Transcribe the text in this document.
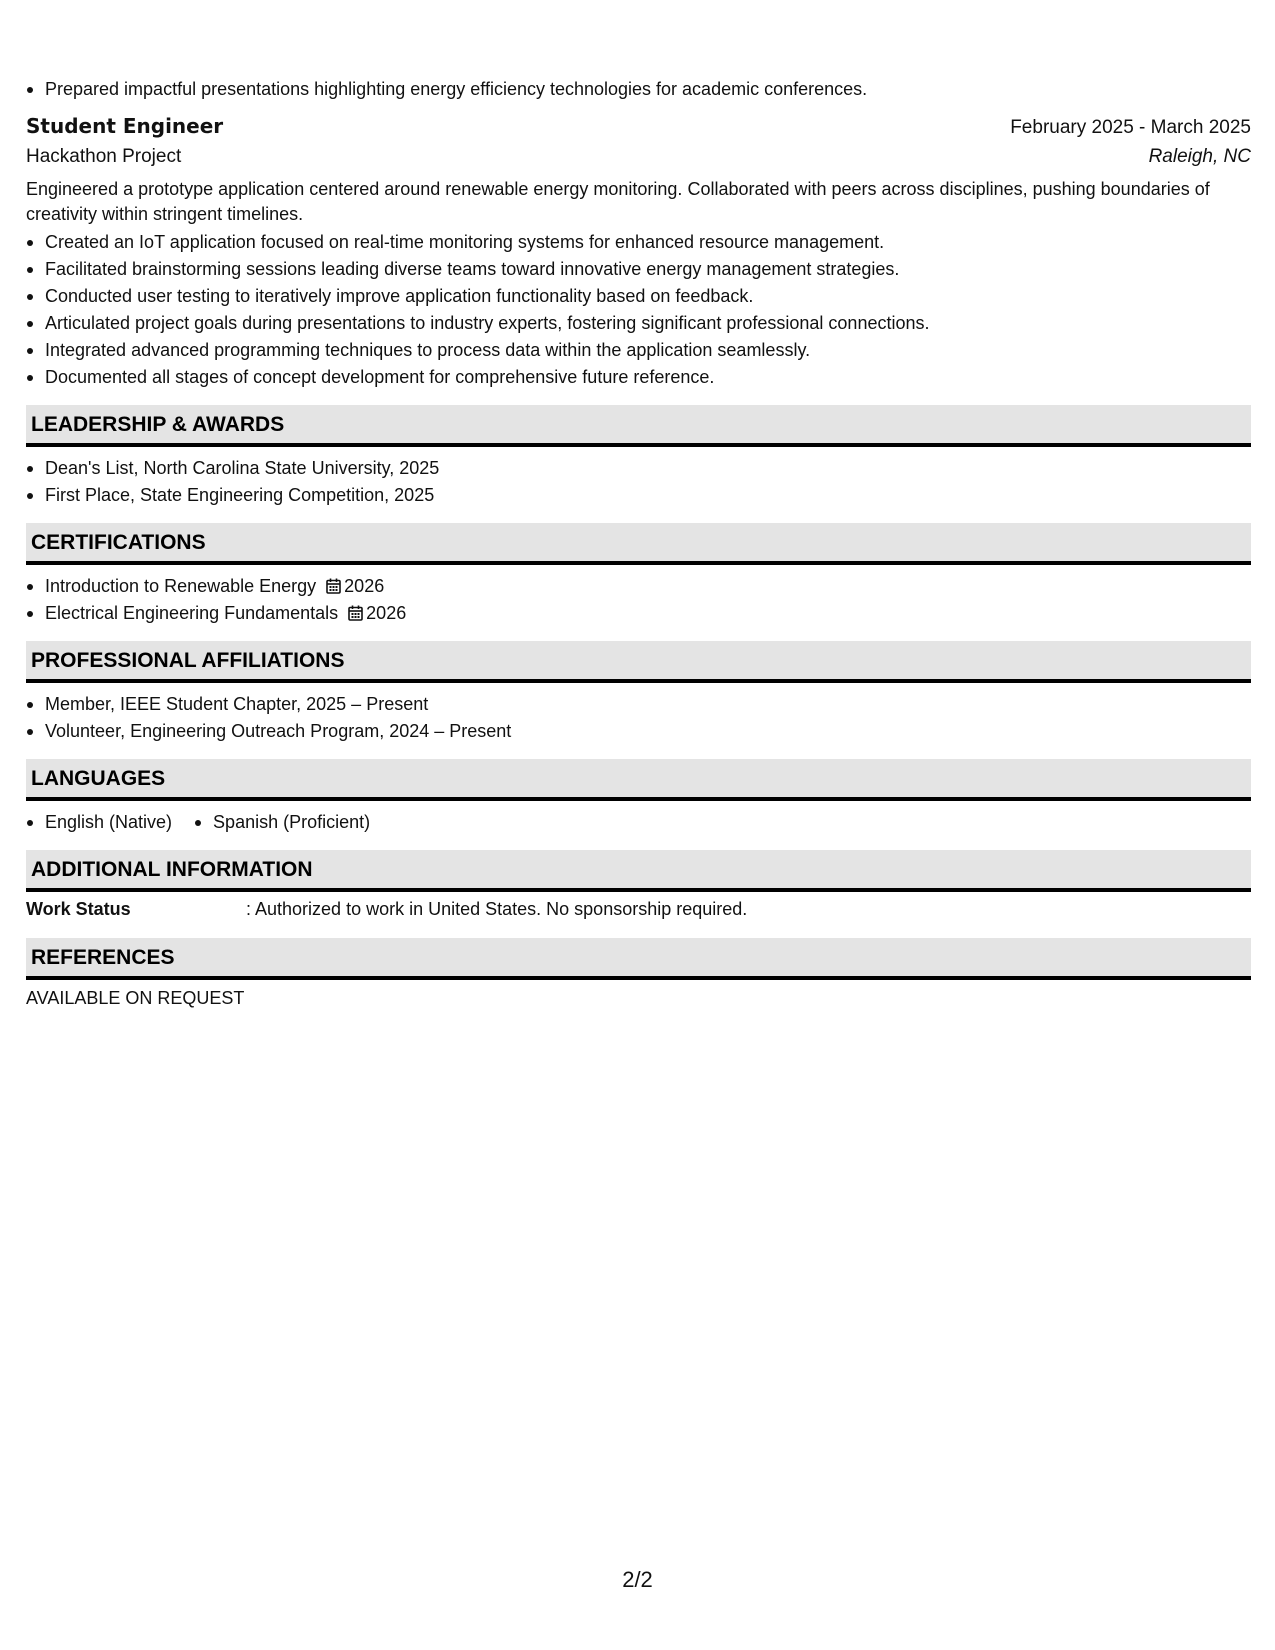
Prepared impactful presentations highlighting energy efficiency technologies for academic conferences.
Student Engineer	February 2025 - March 2025
Hackathon Project	Raleigh, NC
Engineered a prototype application centered around renewable energy monitoring. Collaborated with peers across disciplines, pushing boundaries of creativity within stringent timelines.
Created an IoT application focused on real-time monitoring systems for enhanced resource management.
Facilitated brainstorming sessions leading diverse teams toward innovative energy management strategies.
Conducted user testing to iteratively improve application functionality based on feedback.
Articulated project goals during presentations to industry experts, fostering significant professional connections.
Integrated advanced programming techniques to process data within the application seamlessly.
Documented all stages of concept development for comprehensive future reference.
LEADERSHIP & AWARDS
Dean's List, North Carolina State University, 2025
First Place, State Engineering Competition, 2025
CERTIFICATIONS
Introduction to Renewable Energy 2026
Electrical Engineering Fundamentals 2026
PROFESSIONAL AFFILIATIONS
Member, IEEE Student Chapter, 2025 – Present
Volunteer, Engineering Outreach Program, 2024 – Present
LANGUAGES
English (Native)	Spanish (Proficient)
ADDITIONAL INFORMATION
Work Status	: Authorized to work in United States. No sponsorship required.
REFERENCES
AVAILABLE ON REQUEST
2/2
